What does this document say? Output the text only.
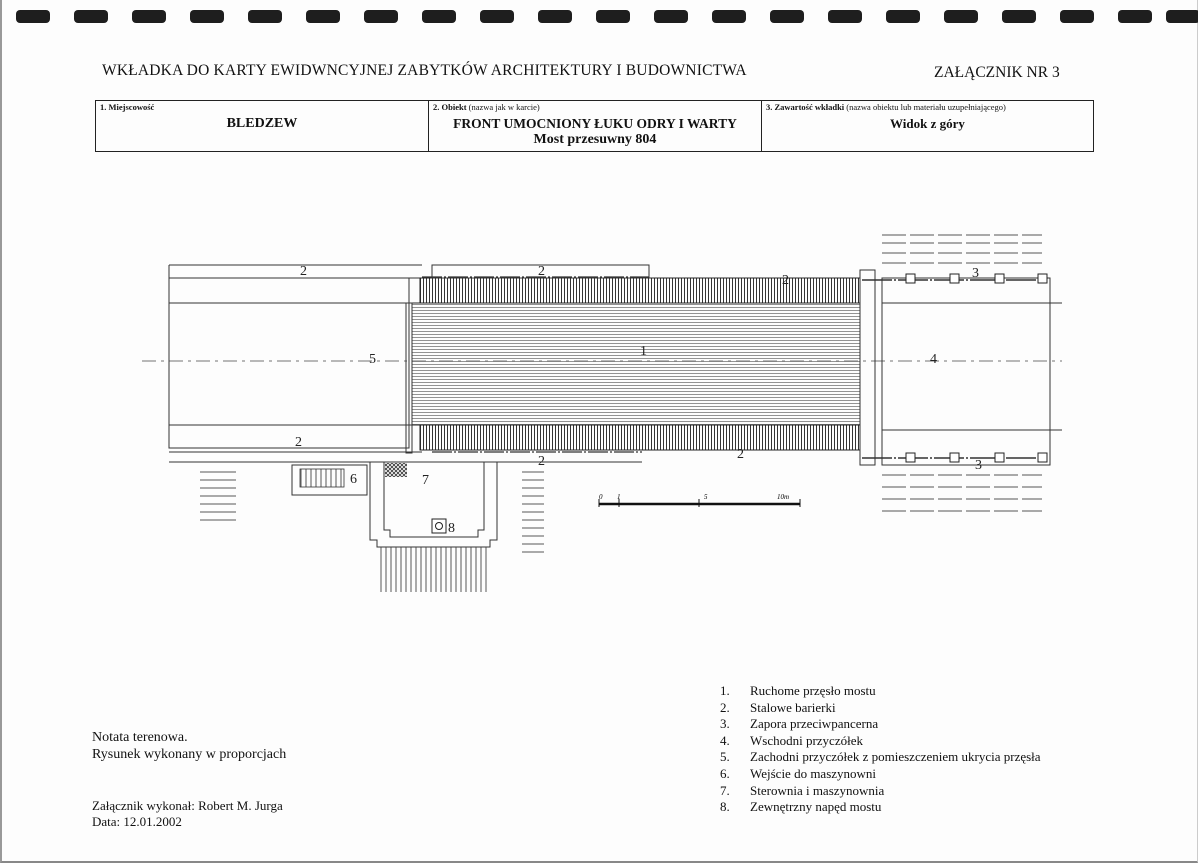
WKŁADKA DO KARTY EWIDWNCYJNEJ ZABYTKÓW ARCHITEKTURY I BUDOWNICTWA	ZAŁĄCZNIK NR 3
1. Miejscowość
BLEDZEW
2. Obiekt (nazwa jak w karcie)
FRONT UMOCNIONY ŁUKU ODRY I WARTY
Most przesuwny 804
3. Zawartość wkładki (nazwa obiektu lub materiału uzupełniającego)
Widok z góry
0 1	5	10m
1
2	2
2
2
2	2
3
3
4
5
6	7
8
Notata terenowa.
Rysunek wykonany w proporcjach
Załącznik wykonał: Robert M. Jurga
Data: 12.01.2002
1.	Ruchome przęsło mostu
2.	Stalowe barierki
3.	Zapora przeciwpancerna
4.	Wschodni przyczółek
5.	Zachodni przyczółek z pomieszczeniem ukrycia przęsła
6.	Wejście do maszynowni
7.	Sterownia i maszynownia
8.	Zewnętrzny napęd mostu
